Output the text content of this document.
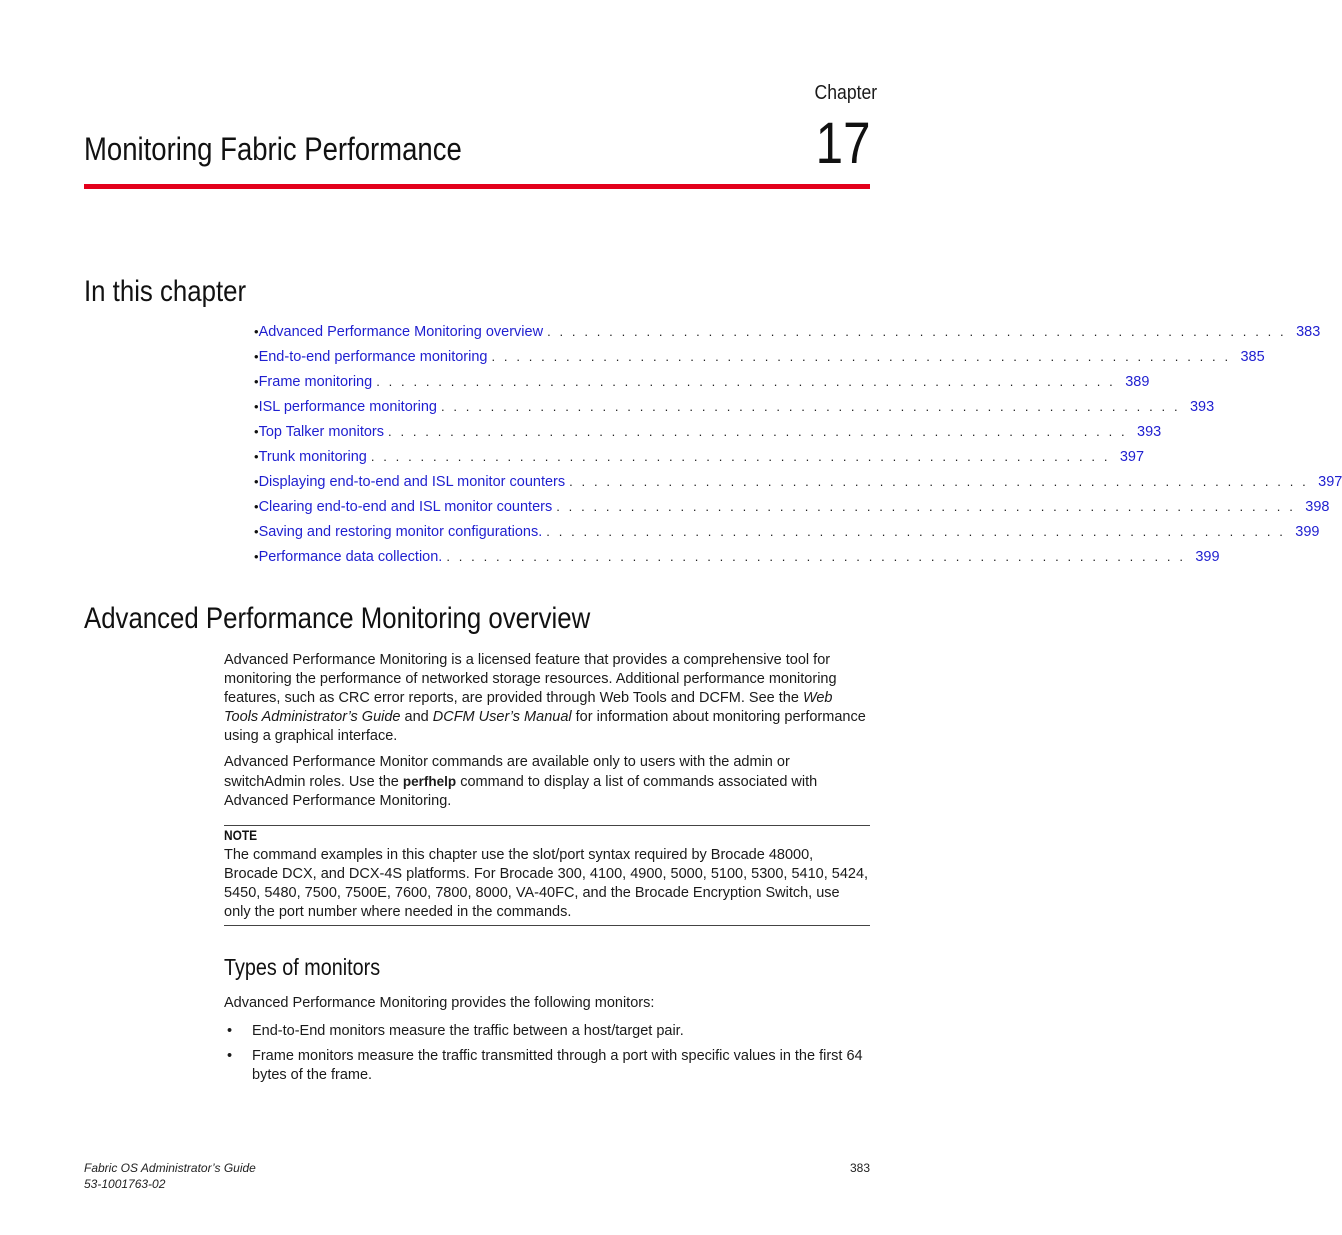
Chapter
17
Monitoring Fabric Performance
In this chapter
• Advanced Performance Monitoring overview . . . . . . . . . . . . . . . . . . . . . . . . . . . . . . . . . . . . . . . . . . . . . . . . . . . . . . . . . . . . 383
• End-to-end performance monitoring . . . . . . . . . . . . . . . . . . . . . . . . . . . . . . . . . . . . . . . . . . . . . . . . . . . . . . . . . . . . 385
• Frame monitoring . . . . . . . . . . . . . . . . . . . . . . . . . . . . . . . . . . . . . . . . . . . . . . . . . . . . . . . . . . . . 389
• ISL performance monitoring . . . . . . . . . . . . . . . . . . . . . . . . . . . . . . . . . . . . . . . . . . . . . . . . . . . . . . . . . . . . 393
• Top Talker monitors . . . . . . . . . . . . . . . . . . . . . . . . . . . . . . . . . . . . . . . . . . . . . . . . . . . . . . . . . . . . 393
• Trunk monitoring . . . . . . . . . . . . . . . . . . . . . . . . . . . . . . . . . . . . . . . . . . . . . . . . . . . . . . . . . . . . 397
• Displaying end-to-end and ISL monitor counters . . . . . . . . . . . . . . . . . . . . . . . . . . . . . . . . . . . . . . . . . . . . . . . . . . . . . . . . . . . . 397
• Clearing end-to-end and ISL monitor counters . . . . . . . . . . . . . . . . . . . . . . . . . . . . . . . . . . . . . . . . . . . . . . . . . . . . . . . . . . . . 398
• Saving and restoring monitor configurations. . . . . . . . . . . . . . . . . . . . . . . . . . . . . . . . . . . . . . . . . . . . . . . . . . . . . . . . . . . . . 399
• Performance data collection. . . . . . . . . . . . . . . . . . . . . . . . . . . . . . . . . . . . . . . . . . . . . . . . . . . . . . . . . . . . . 399
Advanced Performance Monitoring overview

Advanced Performance Monitoring is a licensed feature that provides a comprehensive tool for monitoring the performance of networked storage resources. Additional performance monitoring features, such as CRC error reports, are provided through Web Tools and DCFM. See the Web Tools Administrator’s Guide and DCFM User’s Manual for information about monitoring performance using a graphical interface.

Advanced Performance Monitor commands are available only to users with the admin or switchAdmin roles. Use the perfhelp command to display a list of commands associated with Advanced Performance Monitoring.

NOTE

The command examples in this chapter use the slot/port syntax required by Brocade 48000, Brocade DCX, and DCX-4S platforms. For Brocade 300, 4100, 4900, 5000, 5100, 5300, 5410, 5424, 5450, 5480, 7500, 7500E, 7600, 7800, 8000, VA-40FC, and the Brocade Encryption Switch, use only the port number where needed in the commands.

Types of monitors

Advanced Performance Monitoring provides the following monitors:

• End-to-End monitors measure the traffic between a host/target pair.
• Frame monitors measure the traffic transmitted through a port with specific values in the first 64 bytes of the frame.
Fabric OS Administrator’s Guide
53-1001763-02
383
